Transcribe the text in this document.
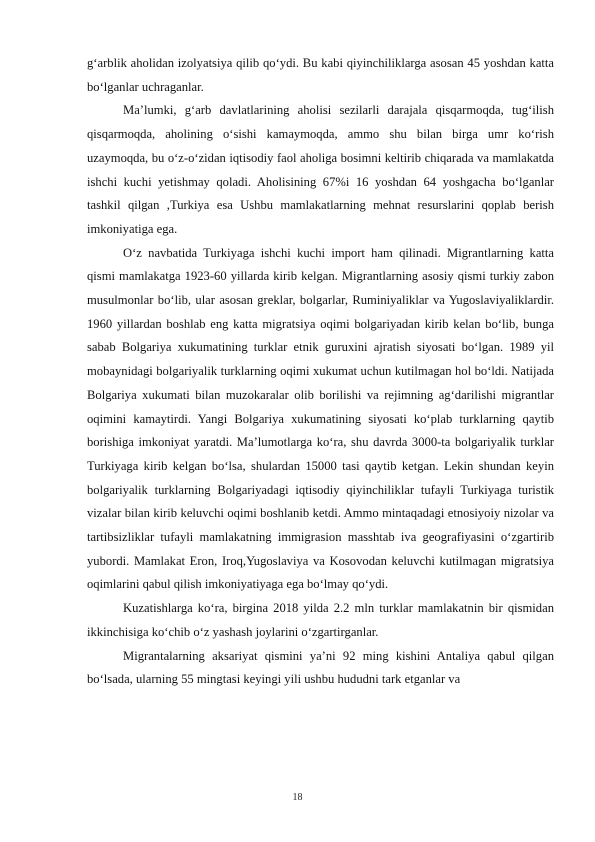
g‘arblik aholidan izolyatsiya qilib qo‘ydi. Bu kabi qiyinchiliklarga asosan 45 yoshdan katta bo‘lganlar uchraganlar.

Ma’lumki, g‘arb davlatlarining aholisi sezilarli darajala qisqarmoqda, tug‘ilish qisqarmoqda, aholining o‘sishi kamaymoqda, ammo shu bilan birga umr ko‘rish uzaymoqda, bu o‘z-o‘zidan iqtisodiy faol aholiga bosimni keltirib chiqarada va mamlakatda ishchi kuchi yetishmay qoladi. Aholisining 67%i 16 yoshdan 64 yoshgacha bo‘lganlar tashkil qilgan ,Turkiya esa Ushbu mamlakatlarning mehnat resurslarini qoplab berish imkoniyatiga ega.

O‘z navbatida Turkiyaga ishchi kuchi import ham qilinadi. Migrantlarning katta qismi mamlakatga 1923-60 yillarda kirib kelgan. Migrantlarning asosiy qismi turkiy zabon musulmonlar bo‘lib, ular asosan greklar, bolgarlar, Ruminiyaliklar va Yugoslaviyaliklardir. 1960 yillardan boshlab eng katta migratsiya oqimi bolgariyadan kirib kelan bo‘lib, bunga sabab Bolgariya xukumatining turklar etnik guruxini ajratish siyosati bo‘lgan. 1989 yil mobaynidagi bolgariyalik turklarning oqimi xukumat uchun kutilmagan hol bo‘ldi. Natijada Bolgariya xukumati bilan muzokaralar olib borilishi va rejimning ag‘darilishi migrantlar oqimini kamaytirdi. Yangi Bolgariya xukumatining siyosati ko‘plab turklarning qaytib borishiga imkoniyat yaratdi. Ma’lumotlarga ko‘ra, shu davrda 3000-ta bolgariyalik turklar Turkiyaga kirib kelgan bo‘lsa, shulardan 15000 tasi qaytib ketgan. Lekin shundan keyin bolgariyalik turklarning Bolgariyadagi iqtisodiy qiyinchiliklar tufayli Turkiyaga turistik vizalar bilan kirib keluvchi oqimi boshlanib ketdi. Ammo mintaqadagi etnosiyoiy nizolar va tartibsizliklar tufayli mamlakatning immigrasion masshtab iva geografiyasini o‘zgartirib yubordi. Mamlakat Eron, Iroq,Yugoslaviya va Kosovodan keluvchi kutilmagan migratsiya oqimlarini qabul qilish imkoniyatiyaga ega bo‘lmay qo‘ydi.

Kuzatishlarga ko‘ra, birgina 2018 yilda 2.2 mln turklar mamlakatnin bir qismidan ikkinchisiga ko‘chib o‘z yashash joylarini o‘zgartirganlar.

Migrantalarning aksariyat qismini ya’ni 92 ming kishini Antaliya qabul qilgan bo‘lsada, ularning 55 mingtasi keyingi yili ushbu hududni tark etganlar va

18
